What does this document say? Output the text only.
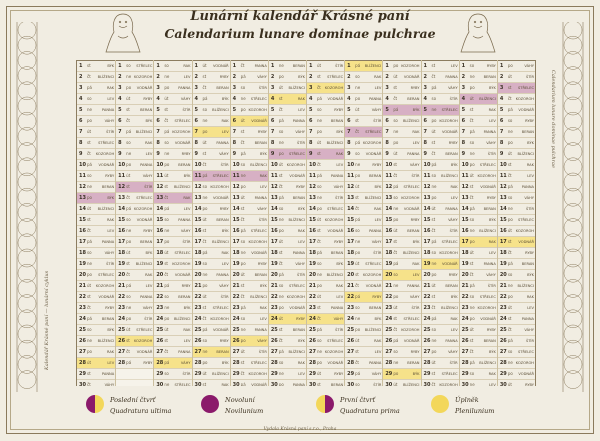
Kalendář Krásné paní — lunární cyklus
Calendarium lunare dominae pulchrae
Lunární kalendář Krásné paní
Calendarium lunare dominae pulchrae
1 st	BÝK
2 čt BLÍŽENCI
3 pá	RAK
4 so	LEV
5 ne	PANNA
6 po	VÁHY
7 út	ŠTÍR
8 st STŘELEC
9 čt KOZOROH
10 pá VODNÁŘ
11 so	RYBY
12 ne	BERAN
13 po	BÝK
14 út BLÍŽENCI
15 st	RAK
16 čt	LEV
17 pá	PANNA
18 so	VÁHY
19 ne	ŠTÍR
20 po STŘELEC
21 út KOZOROH
22 st VODNÁŘ
23 čt	RYBY
24 pá	BERAN
25 so	BÝK
26 ne BLÍŽENCI
27 po	RAK
28 út	LEV
29 st	PANNA
30 čt	VÁHY
1 so STŘELEC
2 ne KOZOROH
3 po VODNÁŘ
4 út	RYBY
5 st	BERAN
6 čt	BÝK
7 pá BLÍŽENCI
8 so	RAK
9 ne	LEV
10 po PANNA
11 út	VÁHY
12 st	ŠTÍR
13 čt STŘELEC
14 pá KOZOROH
15 so VODNÁŘ
16 ne	RYBY
17 po BERAN
18 út	BÝK
19 st BLÍŽENCI
20 čt	RAK
21 pá	LEV
22 so	PANNA
23 ne	VÁHY
24 po	ŠTÍR
25 út STŘELEC
26 st KOZOROH
27 čt VODNÁŘ
28 pá	RYBY
1 so	RAK
2 ne	LEV
3 po PANNA
4 út	VÁHY
5 st	ŠTÍR
6 čt STŘELEC
7 pá KOZOROH
8 so VODNÁŘ
9 ne	RYBY
10 po BERAN
11 út	BÝK
12 st BLÍŽENCI
13 čt	RAK
14 pá	LEV
15 so	PANNA
16 ne	VÁHY
17 po	ŠTÍR
18 út STŘELEC
19 st KOZOROH
20 čt VODNÁŘ
21 pá	RYBY
22 so	BERAN
23 ne	BÝK
24 po BLÍŽENCI
25 út	RAK
26 st	LEV
27 čt	PANNA
28 pá	VÁHY
29 so	ŠTÍR
30 ne STŘELEC
1 út VODNÁŘ
2 st	RYBY
3 čt	BERAN
4 pá	BÝK
5 so BLÍŽENCI
6 ne	RAK
7 po	LEV
8 út	PANNA
9 st	VÁHY
10 čt	ŠTÍR
11 pá STŘELEC
12 so KOZOROH
13 ne VODNÁŘ
14 po	RYBY
15 út	BERAN
16 st	BÝK
17 čt BLÍŽENCI
18 pá	RAK
19 so	LEV
20 ne PANNA
21 po	VÁHY
22 út	ŠTÍR
23 st STŘELEC
24 čt KOZOROH
25 pá VODNÁŘ
26 so	RYBY
27 ne BERAN
28 po	BÝK
29 út BLÍŽENCI
30 st	RAK
1 čt	PANNA
2 pá	VÁHY
3 so	ŠTÍR
4 ne STŘELEC
5 po KOZOROH
6 út VODNÁŘ
7 st	RYBY
8 čt	BERAN
9 pá	BÝK
10 so BLÍŽENCI
11 ne	RAK
12 po	LEV
13 út	PANNA
14 st	VÁHY
15 čt	ŠTÍR
16 pá STŘELEC
17 so KOZOROH
18 ne VODNÁŘ
19 po	RYBY
20 út	BERAN
21 st	BÝK
22 čt BLÍŽENCI
23 pá	RAK
24 so	LEV
25 ne PANNA
26 po	VÁHY
27 út	ŠTÍR
28 st STŘELEC
29 čt KOZOROH
30 pá VODNÁŘ
1 ne BERAN
2 po	BÝK
3 út BLÍŽENCI
4 st	RAK
5 čt	LEV
6 pá PANNA
7 so	VÁHY
8 ne	ŠTÍR
9 po STŘELEC
10 út KOZOROH
11 st VODNÁŘ
12 čt	RYBY
13 pá BERAN
14 so	BÝK
15 ne BLÍŽENCI
16 po	RAK
17 út	LEV
18 st	PANNA
19 čt	VÁHY
20 pá	ŠTÍR
21 so STŘELEC
22 ne KOZOROH
23 po VODNÁŘ
24 út	RYBY
25 st	BERAN
26 čt	BÝK
27 pá BLÍŽENCI
28 so	RAK
29 ne	LEV
30 po PANNA
1 út	ŠTÍR
2 st STŘELEC
3 čt KOZOROH
4 pá VODNÁŘ
5 so	RYBY
6 ne BERAN
7 po	BÝK
8 út BLÍŽENCI
9 st	RAK
10 čt	LEV
11 pá PANNA
12 so	VÁHY
13 ne	ŠTÍR
14 po STŘELEC
15 út KOZOROH
16 st VODNÁŘ
17 čt	RYBY
18 pá BERAN
19 so	BÝK
20 ne BLÍŽENCI
21 po	RAK
22 út	LEV
23 st	PANNA
24 čt	VÁHY
25 pá	ŠTÍR
26 so STŘELEC
27 ne KOZOROH
28 po VODNÁŘ
29 út	RYBY
30 st	BERAN
1 pá BLÍŽENCI
2 so	RAK
3 ne	LEV
4 po PANNA
5 út	VÁHY
6 st	ŠTÍR
7 čt STŘELEC
8 pá KOZOROH
9 so VODNÁŘ
10 ne	RYBY
11 po BERAN
12 út	BÝK
13 st BLÍŽENCI
14 čt	RAK
15 pá	LEV
16 so	PANNA
17 ne	VÁHY
18 po	ŠTÍR
19 út STŘELEC
20 st KOZOROH
21 čt VODNÁŘ
22 pá	RYBY
23 so	BERAN
24 ne	BÝK
25 po BLÍŽENCI
26 út	RAK
27 st	LEV
28 čt	PANNA
29 pá	VÁHY
30 so	ŠTÍR
1 po KOZOROH
2 út VODNÁŘ
3 st	RYBY
4 čt	BERAN
5 pá	BÝK
6 so BLÍŽENCI
7 ne	RAK
8 po	LEV
9 út	PANNA
10 st	VÁHY
11 čt	ŠTÍR
12 pá STŘELEC
13 so KOZOROH
14 ne VODNÁŘ
15 po	RYBY
16 út	BERAN
17 st	BÝK
18 čt BLÍŽENCI
19 pá	RAK
20 so	LEV
21 ne PANNA
22 po	VÁHY
23 út	ŠTÍR
24 st STŘELEC
25 čt KOZOROH
26 pá VODNÁŘ
27 so	RYBY
28 ne BERAN
29 po	BÝK
30 út BLÍŽENCI
1 st	LEV
2 čt	PANNA
3 pá	VÁHY
4 so	ŠTÍR
5 ne STŘELEC
6 po KOZOROH
7 út VODNÁŘ
8 st	RYBY
9 čt	BERAN
10 pá	BÝK
11 so BLÍŽENCI
12 ne	RAK
13 po	LEV
14 út	PANNA
15 st	VÁHY
16 čt	ŠTÍR
17 pá STŘELEC
18 so KOZOROH
19 ne VODNÁŘ
20 po	RYBY
21 út	BERAN
22 st	BÝK
23 čt BLÍŽENCI
24 pá	RAK
25 so	LEV
26 ne PANNA
27 po	VÁHY
28 út	ŠTÍR
29 st STŘELEC
30 čt KOZOROH
1 so	RYBY
2 ne BERAN
3 po	BÝK
4 út BLÍŽENCI
5 st	RAK
6 čt	LEV
7 pá PANNA
8 so	VÁHY
9 ne	ŠTÍR
10 po STŘELEC
11 út KOZOROH
12 st VODNÁŘ
13 čt	RYBY
14 pá BERAN
15 so	BÝK
16 ne BLÍŽENCI
17 po	RAK
18 út	LEV
19 st	PANNA
20 čt	VÁHY
21 pá	ŠTÍR
22 so STŘELEC
23 ne KOZOROH
24 po VODNÁŘ
25 út	RYBY
26 st	BERAN
27 čt	BÝK
28 pá BLÍŽENCI
29 so	RAK
30 ne	LEV
1 po	VÁHY
2 út	ŠTÍR
3 st STŘELEC
4 čt KOZOROH
5 pá VODNÁŘ
6 so	RYBY
7 ne BERAN
8 po	BÝK
9 út BLÍŽENCI
10 st	RAK
11 čt	LEV
12 pá PANNA
13 so	VÁHY
14 ne	ŠTÍR
15 po STŘELEC
16 út KOZOROH
17 st VODNÁŘ
18 čt	RYBY
19 pá BERAN
20 so	BÝK
21 ne BLÍŽENCI
22 po	RAK
23 út	LEV
24 st	PANNA
25 čt	VÁHY
26 pá	ŠTÍR
27 so STŘELEC
28 ne KOZOROH
29 po VODNÁŘ
30 út	RYBY
Poslední čtvrť
Quadratura ultima
Novoluní
Novilunium
První čtvrť
Quadratura prima
Úplněk
Plenilunium
Vydala Krásná paní s.r.o., Praha
